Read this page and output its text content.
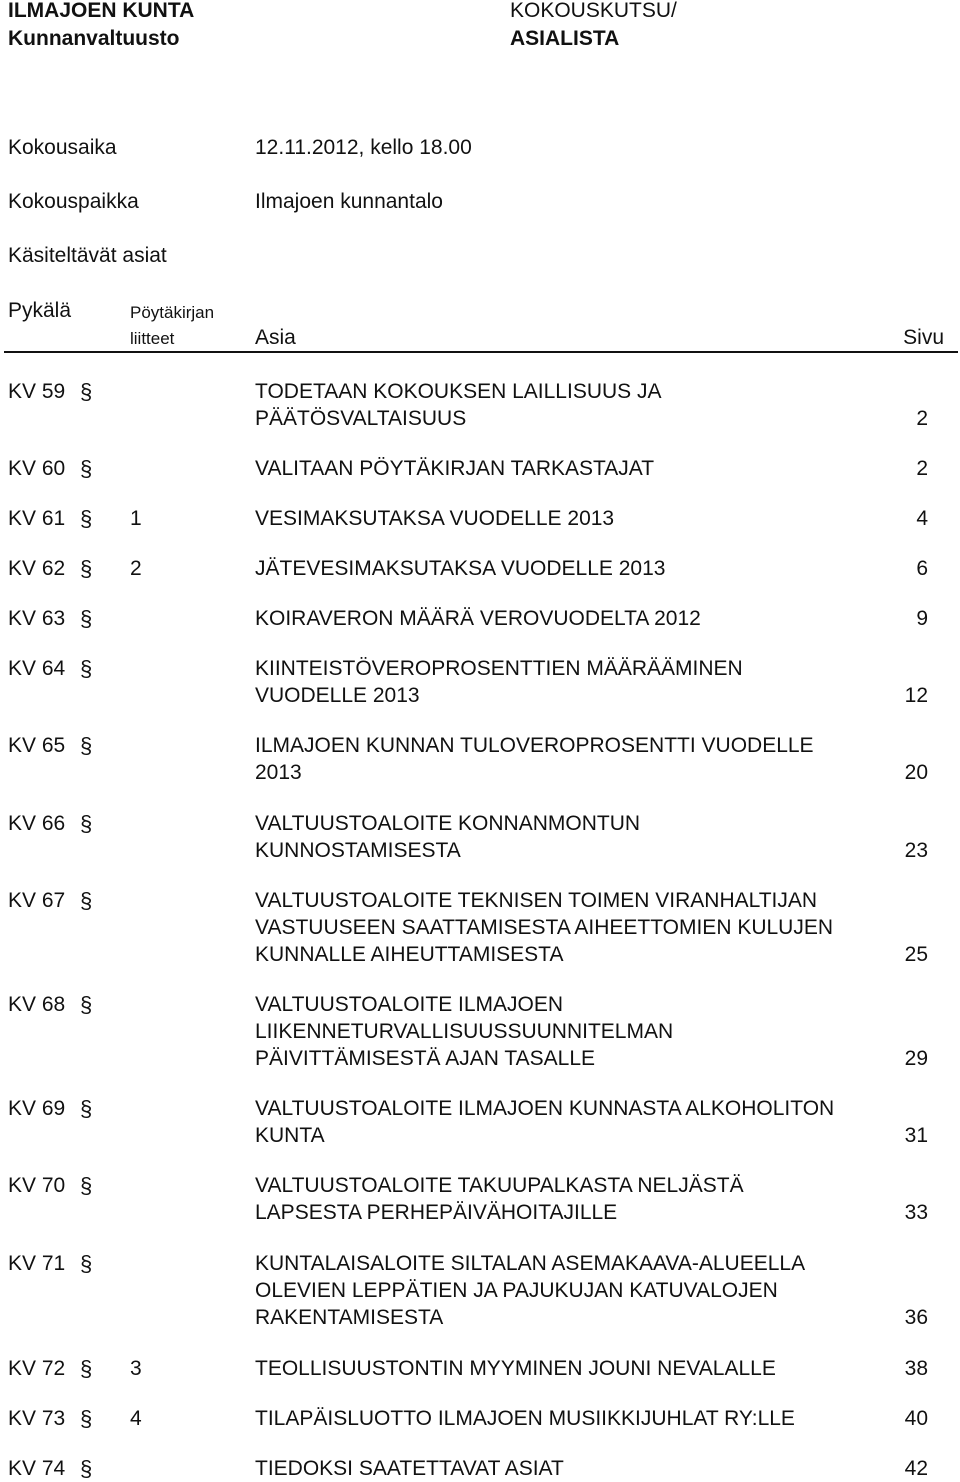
ILMAJOEN KUNTA
Kunnanvaltuusto
KOKOUSKUTSU/
ASIALISTA
Kokousaika	12.11.2012, kello 18.00
Kokouspaikka	Ilmajoen kunnantalo
Käsiteltävät asiat
Pykälä	Pöytäkirjan
liitteet	Asia	Sivu
KV 59 §	TODETAAN KOKOUKSEN LAILLISUUS JA
PÄÄTÖSVALTAISUUS	2
KV 60 §	VALITAAN PÖYTÄKIRJAN TARKASTAJAT	2
KV 61 § 1	VESIMAKSUTAKSA VUODELLE 2013	4
KV 62 § 2	JÄTEVESIMAKSUTAKSA VUODELLE 2013	6
KV 63 §	KOIRAVERON MÄÄRÄ VEROVUODELTA 2012	9
KV 64 §	KIINTEISTÖVEROPROSENTTIEN MÄÄRÄÄMINEN
VUODELLE 2013	12
KV 65 §	ILMAJOEN KUNNAN TULOVEROPROSENTTI VUODELLE
2013	20
KV 66 §	VALTUUSTOALOITE KONNANMONTUN
KUNNOSTAMISESTA	23
KV 67 §	VALTUUSTOALOITE TEKNISEN TOIMEN VIRANHALTIJAN
VASTUUSEEN SAATTAMISESTA AIHEETTOMIEN KULUJEN
KUNNALLE AIHEUTTAMISESTA	25
KV 68 §	VALTUUSTOALOITE ILMAJOEN
LIIKENNETURVALLISUUSSUUNNITELMAN
PÄIVITTÄMISESTÄ AJAN TASALLE	29
KV 69 §	VALTUUSTOALOITE ILMAJOEN KUNNASTA ALKOHOLITON
KUNTA	31
KV 70 §	VALTUUSTOALOITE TAKUUPALKASTA NELJÄSTÄ
LAPSESTA PERHEPÄIVÄHOITAJILLE	33
KV 71 §	KUNTALAISALOITE SILTALAN ASEMAKAAVA-ALUEELLA
OLEVIEN LEPPÄTIEN JA PAJUKUJAN KATUVALOJEN
RAKENTAMISESTA	36
KV 72 § 3	TEOLLISUUSTONTIN MYYMINEN JOUNI NEVALALLE	38
KV 73 § 4	TILAPÄISLUOTTO ILMAJOEN MUSIIKKIJUHLAT RY:LLE	40
KV 74 §	TIEDOKSI SAATETTAVAT ASIAT	42
